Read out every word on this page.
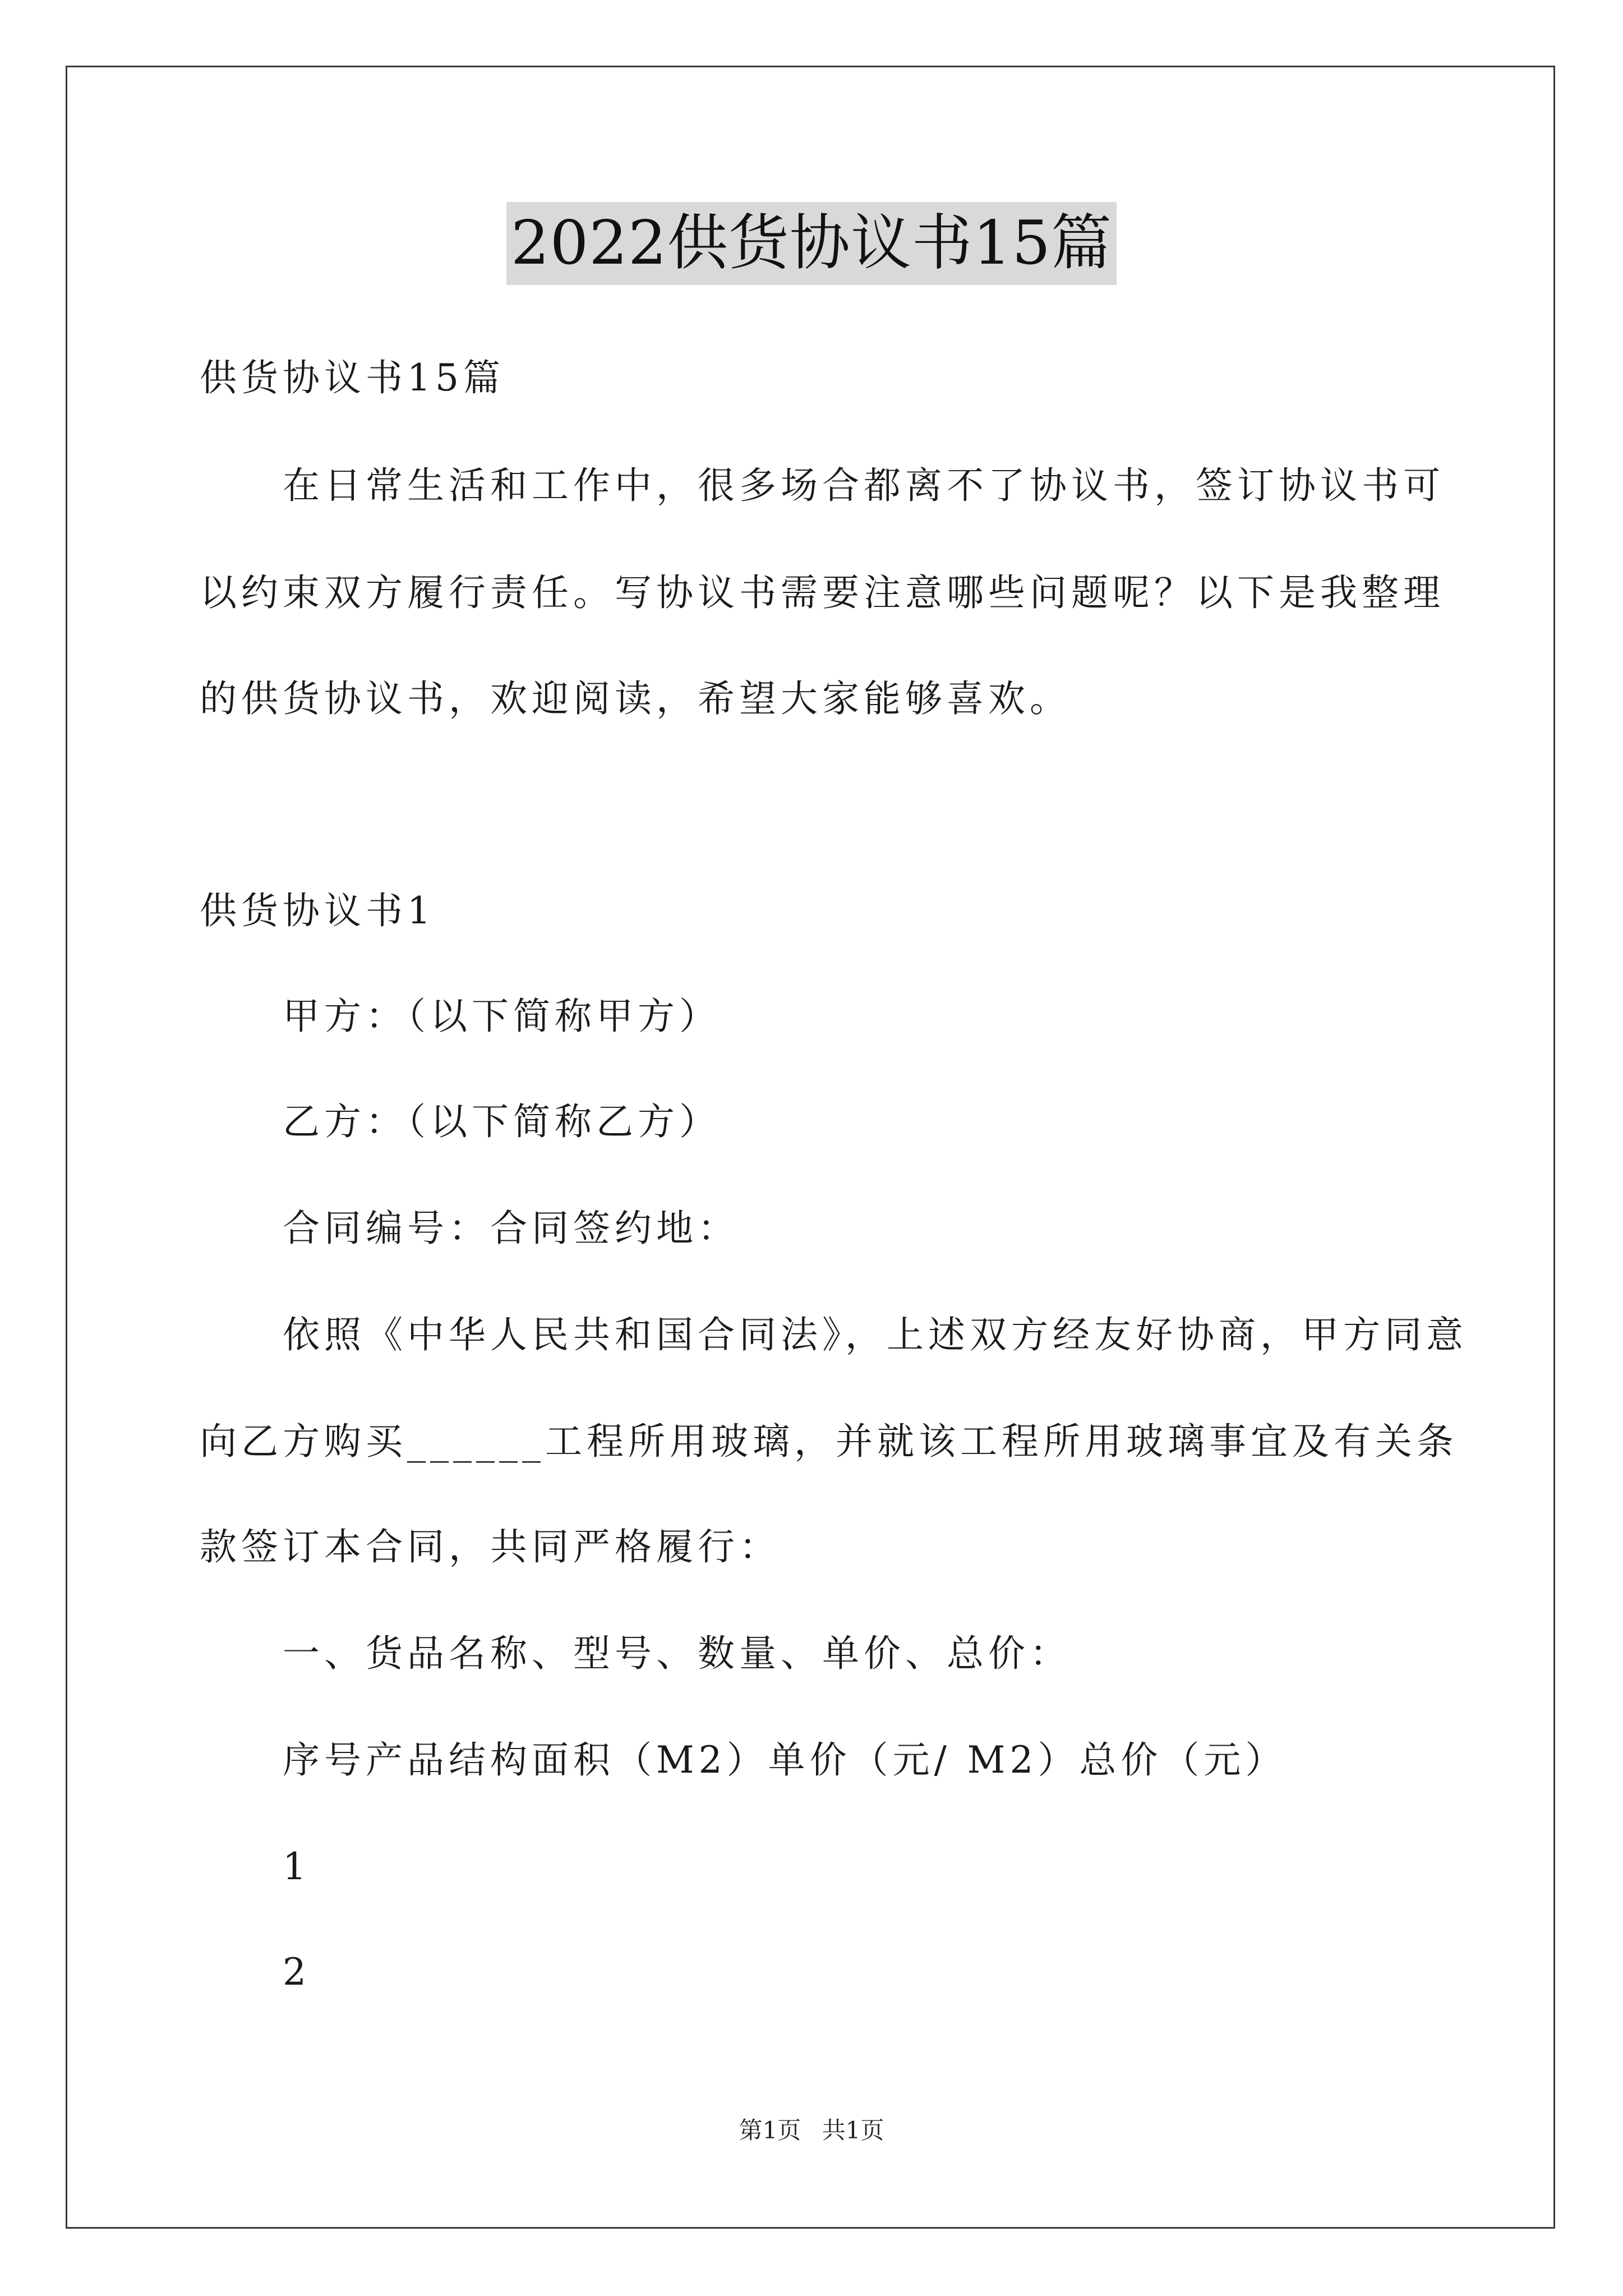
2022供货协议书15篇
供货协议书15篇
在日常生活和工作中，很多场合都离不了协议书，签订协议书可
以约束双方履行责任。写协议书需要注意哪些问题呢？以下是我整理
的供货协议书，欢迎阅读，希望大家能够喜欢。
供货协议书1
甲方：（以下简称甲方）
乙方：（以下简称乙方）
合同编号：合同签约地：
依照《中华人民共和国合同法》，上述双方经友好协商，甲方同意
向乙方购买______工程所用玻璃，并就该工程所用玻璃事宜及有关条
款签订本合同，共同严格履行：
一、货品名称、型号、数量、单价、总价：
序号产品结构面积（M2）单价（元/ M2）总价（元）
1
2
第1页 共1页
